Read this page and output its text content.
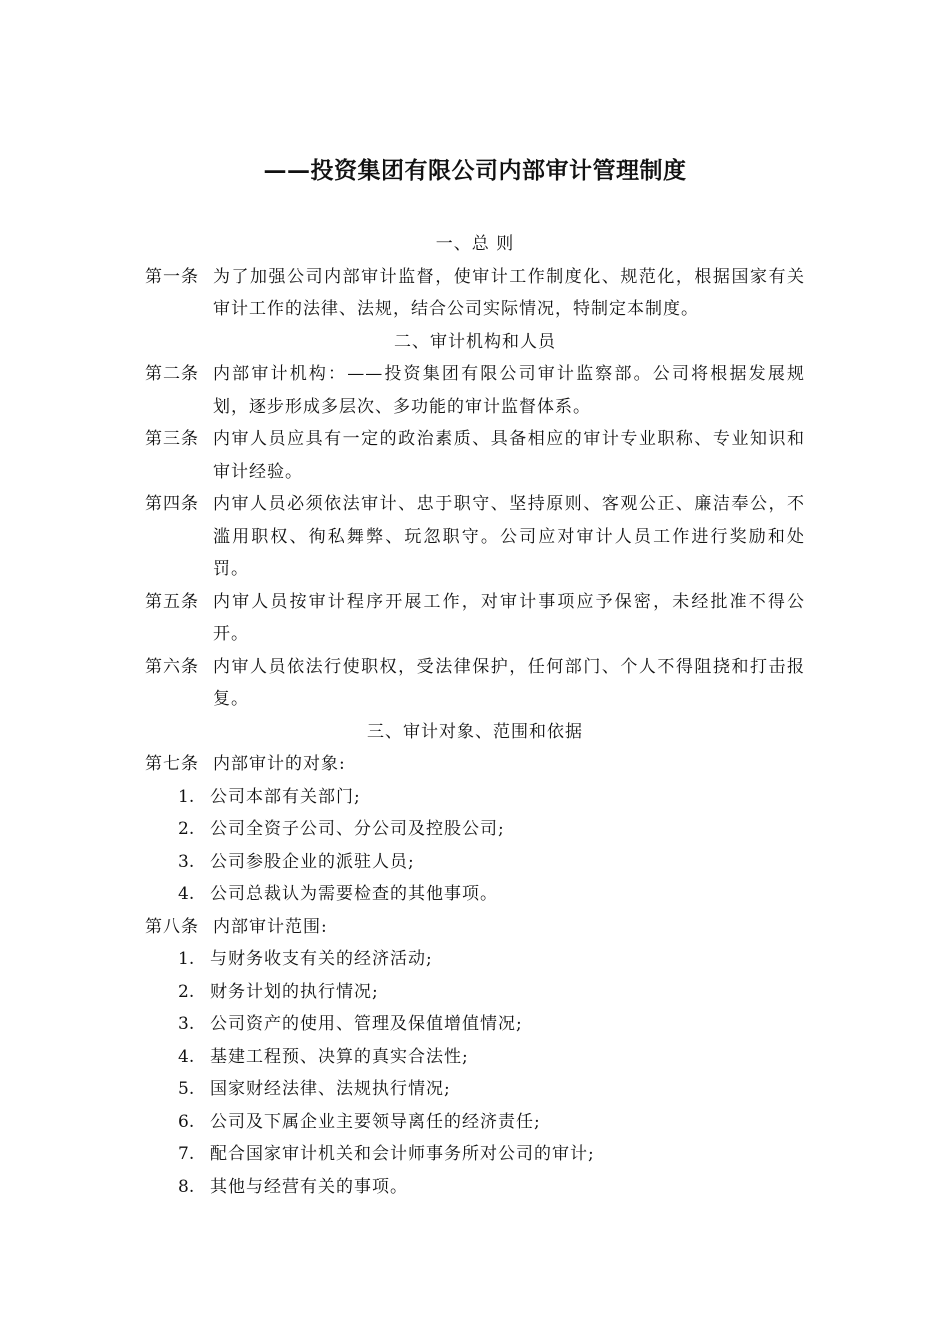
——投资集团有限公司内部审计管理制度

一、总 则

第一条 为了加强公司内部审计监督，使审计工作制度化、规范化，根据国家有关审计工作的法律、法规，结合公司实际情况，特制定本制度。

二、审计机构和人员

第二条 内部审计机构：——投资集团有限公司审计监察部。公司将根据发展规划，逐步形成多层次、多功能的审计监督体系。
第三条 内审人员应具有一定的政治素质、具备相应的审计专业职称、专业知识和审计经验。
第四条 内审人员必须依法审计、忠于职守、坚持原则、客观公正、廉洁奉公，不滥用职权、徇私舞弊、玩忽职守。公司应对审计人员工作进行奖励和处罚。
第五条 内审人员按审计程序开展工作，对审计事项应予保密，未经批准不得公开。
第六条 内审人员依法行使职权，受法律保护，任何部门、个人不得阻挠和打击报复。

三、审计对象、范围和依据

第七条 内部审计的对象:
1. 公司本部有关部门;
2. 公司全资子公司、分公司及控股公司;
3. 公司参股企业的派驻人员;
4. 公司总裁认为需要检查的其他事项。
第八条 内部审计范围:
1. 与财务收支有关的经济活动;
2. 财务计划的执行情况;
3. 公司资产的使用、管理及保值增值情况;
4. 基建工程预、决算的真实合法性;
5. 国家财经法律、法规执行情况;
6. 公司及下属企业主要领导离任的经济责任;
7. 配合国家审计机关和会计师事务所对公司的审计;
8. 其他与经营有关的事项。
